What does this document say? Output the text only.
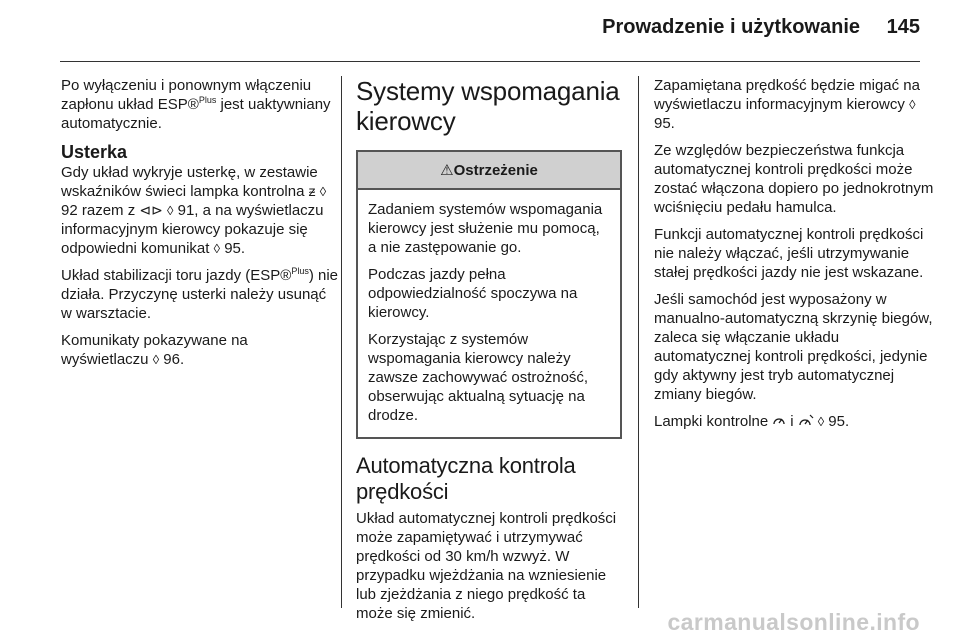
Prowadzenie i użytkowanie 145

Po wyłączeniu i ponownym włączeniu zapłonu układ ESP®$^{Plus}$ jest uaktywniany automatycznie.

Usterka

Gdy układ wykryje usterkę, w zestawie wskaźników świeci lampka kontrolna ᵶ ◊ 92 razem z ⊲⊳ ◊ 91, a na wyświetlaczu informacyjnym kierowcy pokazuje się odpowiedni komunikat ◊ 95.

Układ stabilizacji toru jazdy (ESP®$^{Plus}$) nie działa. Przyczynę usterki należy usunąć w warsztacie.

Komunikaty pokazywane na wyświetlaczu ◊ 96.

Systemy wspomagania kierowcy
⚠ Ostrzeżenie

Zadaniem systemów wspomagania kierowcy jest służenie mu pomocą, a nie zastępowanie go.

Podczas jazdy pełna odpowiedzialność spoczywa na kierowcy.

Korzystając z systemów wspomagania kierowcy należy zawsze zachowywać ostrożność, obserwując aktualną sytuację na drodze.

Automatyczna kontrola prędkości

Układ automatycznej kontroli prędkości może zapamiętywać i utrzymywać prędkości od 30 km/h wzwyż. W przypadku wjeżdżania na wzniesienie lub zjeżdżania z niego prędkość ta może się zmienić.

Zapamiętana prędkość będzie migać na wyświetlaczu informacyjnym kierowcy ◊ 95.

Ze względów bezpieczeństwa funkcja automatycznej kontroli prędkości może zostać włączona dopiero po jednokrotnym wciśnięciu pedału hamulca.

Funkcji automatycznej kontroli prędkości nie należy włączać, jeśli utrzymywanie stałej prędkości jazdy nie jest wskazane.

Jeśli samochód jest wyposażony w manualno-automatyczną skrzynię biegów, zaleca się włączanie układu automatycznej kontroli prędkości, jedynie gdy aktywny jest tryb automatycznej zmiany biegów.

Lampki kontrolne  i  ◊ 95.

carmanualsonline.info
